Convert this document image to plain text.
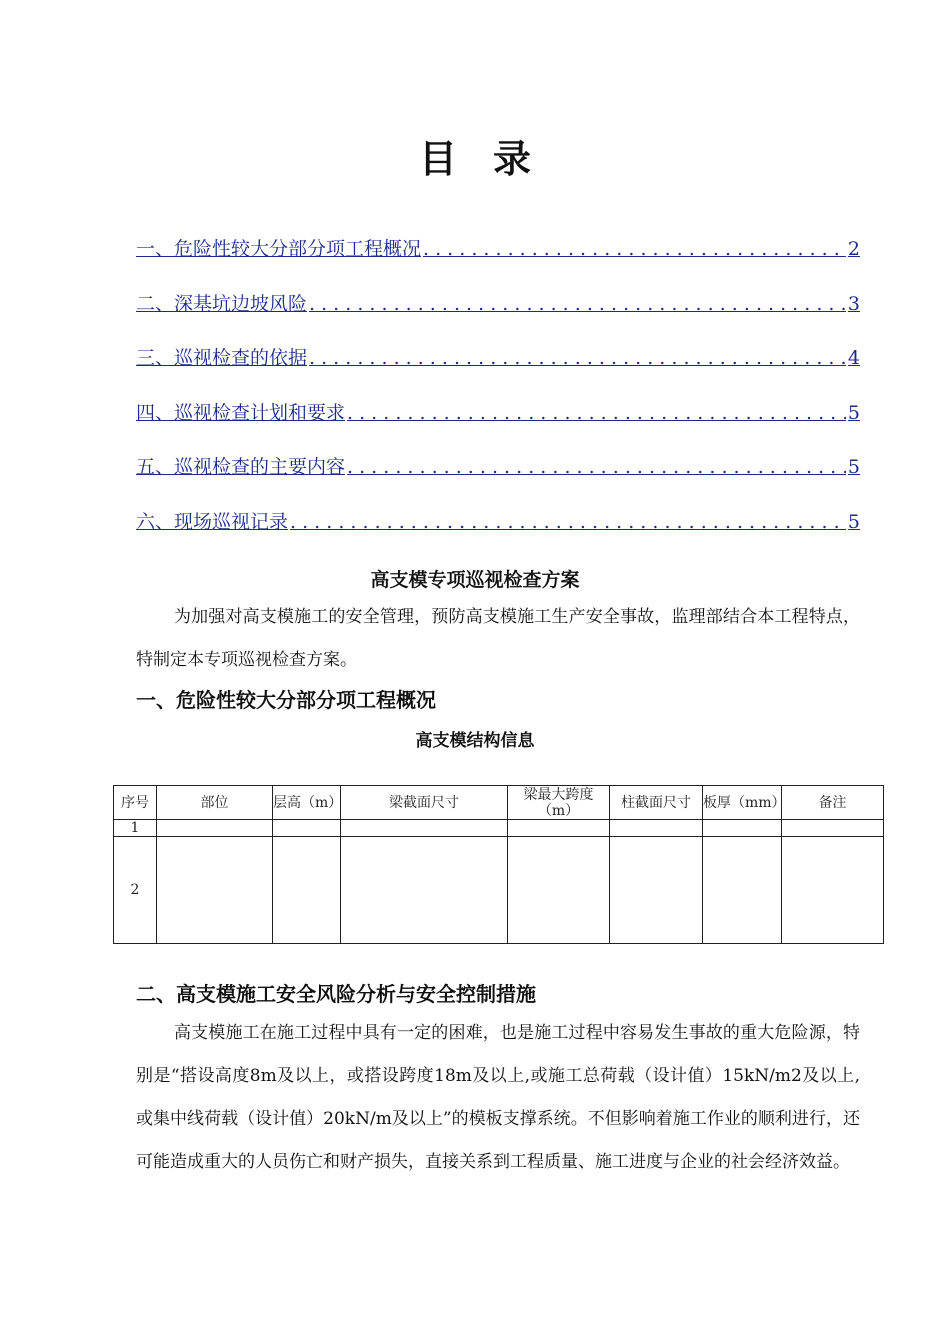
目 录
一、危险性较大分部分项工程概况 . . .	2
二、深基坑边坡风险 . . .	3
三、巡视检查的依据 . . .	4
四、巡视检查计划和要求 . . .	5
五、巡视检查的主要内容 . . .	5
六、现场巡视记录 . . .	5
高支模专项巡视检查方案
为加强对高支模施工的安全管理，预防高支模施工生产安全事故，监理部结合本工程特点，特制定本专项巡视检查方案。
一、危险性较大分部分项工程概况
高支模结构信息
序号	部位	层高（m）	梁截面尺寸	梁最大跨度（m）	柱截面尺寸	板厚（mm）	备注
1							
2							
二、高支模施工安全风险分析与安全控制措施
高支模施工在施工过程中具有一定的困难，也是施工过程中容易发生事故的重大危险源，特别是“搭设高度8m及以上，或搭设跨度18m及以上,或施工总荷载（设计值）15kN/m2及以上,或集中线荷载（设计值）20kN/m及以上”的模板支撑系统。不但影响着施工作业的顺利进行，还可能造成重大的人员伤亡和财产损失，直接关系到工程质量、施工进度与企业的社会经济效益。
